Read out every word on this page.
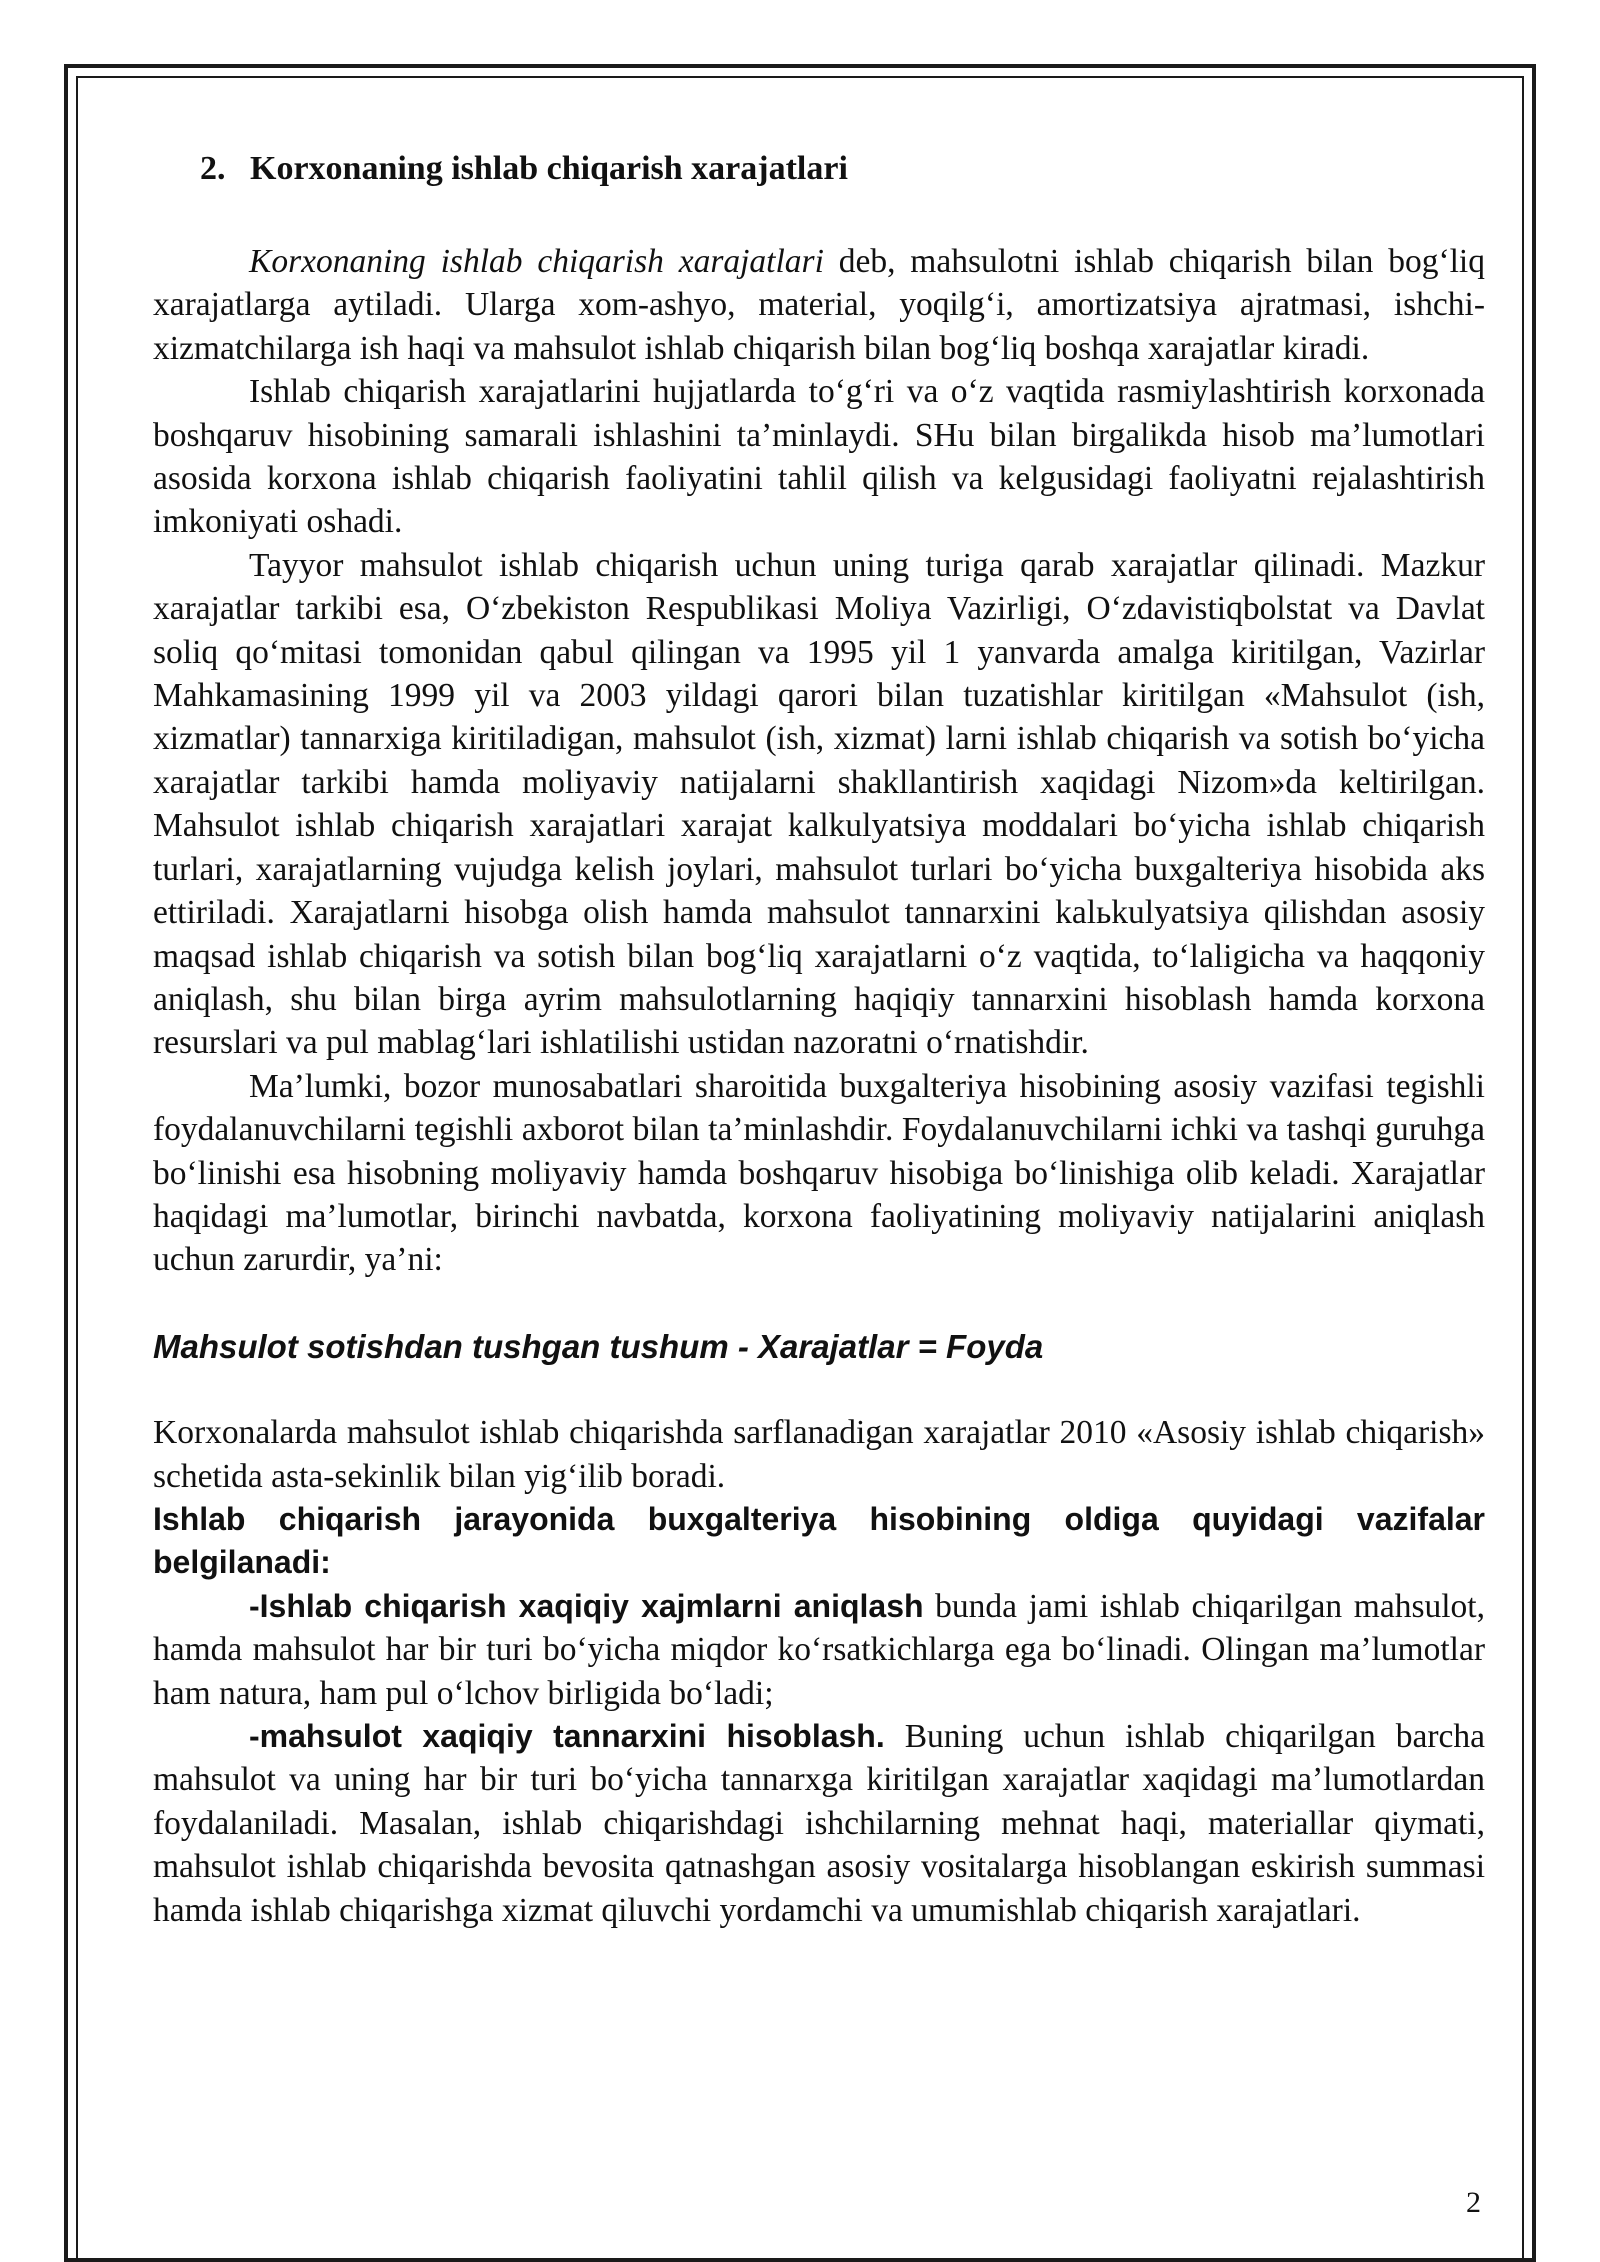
2. Korxonaning ishlab chiqarish xarajatlari

Korxonaning ishlab chiqarish xarajatlari deb, mahsulotni ishlab chiqarish bilan bog‘liq xarajatlarga aytiladi. Ularga xom-ashyo, material, yoqilg‘i, amortizatsiya ajratmasi, ishchi-xizmatchilarga ish haqi va mahsulot ishlab chiqarish bilan bog‘liq boshqa xarajatlar kiradi.

Ishlab chiqarish xarajatlarini hujjatlarda to‘g‘ri va o‘z vaqtida rasmiylashtirish korxonada boshqaruv hisobining samarali ishlashini ta’minlaydi. SHu bilan birgalikda hisob ma’lumotlari asosida korxona ishlab chiqarish faoliyatini tahlil qilish va kelgusidagi faoliyatni rejalashtirish imkoniyati oshadi.

Tayyor mahsulot ishlab chiqarish uchun uning turiga qarab xarajatlar qilinadi. Mazkur xarajatlar tarkibi esa, O‘zbekiston Respublikasi Moliya Vazirligi, O‘zdavistiqbolstat va Davlat soliq qo‘mitasi tomonidan qabul qilingan va 1995 yil 1 yanvarda amalga kiritilgan, Vazirlar Mahkamasining 1999 yil va 2003 yildagi qarori bilan tuzatishlar kiritilgan «Mahsulot (ish, xizmatlar) tannarxiga kiritiladigan, mahsulot (ish, xizmat) larni ishlab chiqarish va sotish bo‘yicha xarajatlar tarkibi hamda moliyaviy natijalarni shakllantirish xaqidagi Nizom»da keltirilgan. Mahsulot ishlab chiqarish xarajatlari xarajat kalkulyatsiya moddalari bo‘yicha ishlab chiqarish turlari, xarajatlarning vujudga kelish joylari, mahsulot turlari bo‘yicha buxgalteriya hisobida aks ettiriladi. Xarajatlarni hisobga olish hamda mahsulot tannarxini kalьkulyatsiya qilishdan asosiy maqsad ishlab chiqarish va sotish bilan bog‘liq xarajatlarni o‘z vaqtida, to‘laligicha va haqqoniy aniqlash, shu bilan birga ayrim mahsulotlarning haqiqiy tannarxini hisoblash hamda korxona resurslari va pul mablag‘lari ishlatilishi ustidan nazoratni o‘rnatishdir.

Ma’lumki, bozor munosabatlari sharoitida buxgalteriya hisobining asosiy vazifasi tegishli foydalanuvchilarni tegishli axborot bilan ta’minlashdir. Foydalanuvchilarni ichki va tashqi guruhga bo‘linishi esa hisobning moliyaviy hamda boshqaruv hisobiga bo‘linishiga olib keladi. Xarajatlar haqidagi ma’lumotlar, birinchi navbatda, korxona faoliyatining moliyaviy natijalarini aniqlash uchun zarurdir, ya’ni:

Mahsulot sotishdan tushgan tushum - Xarajatlar = Foyda

Korxonalarda mahsulot ishlab chiqarishda sarflanadigan xarajatlar 2010 «Asosiy ishlab chiqarish» schetida asta-sekinlik bilan yig‘ilib boradi.

Ishlab chiqarish jarayonida buxgalteriya hisobining oldiga quyidagi vazifalar belgilanadi:

-Ishlab chiqarish xaqiqiy xajmlarni aniqlash bunda jami ishlab chiqarilgan mahsulot, hamda mahsulot har bir turi bo‘yicha miqdor ko‘rsatkichlarga ega bo‘linadi. Olingan ma’lumotlar ham natura, ham pul o‘lchov birligida bo‘ladi;

-mahsulot xaqiqiy tannarxini hisoblash. Buning uchun ishlab chiqarilgan barcha mahsulot va uning har bir turi bo‘yicha tannarxga kiritilgan xarajatlar xaqidagi ma’lumotlardan foydalaniladi. Masalan, ishlab chiqarishdagi ishchilarning mehnat haqi, materiallar qiymati, mahsulot ishlab chiqarishda bevosita qatnashgan asosiy vositalarga hisoblangan eskirish summasi hamda ishlab chiqarishga xizmat qiluvchi yordamchi va umumishlab chiqarish xarajatlari.

2
